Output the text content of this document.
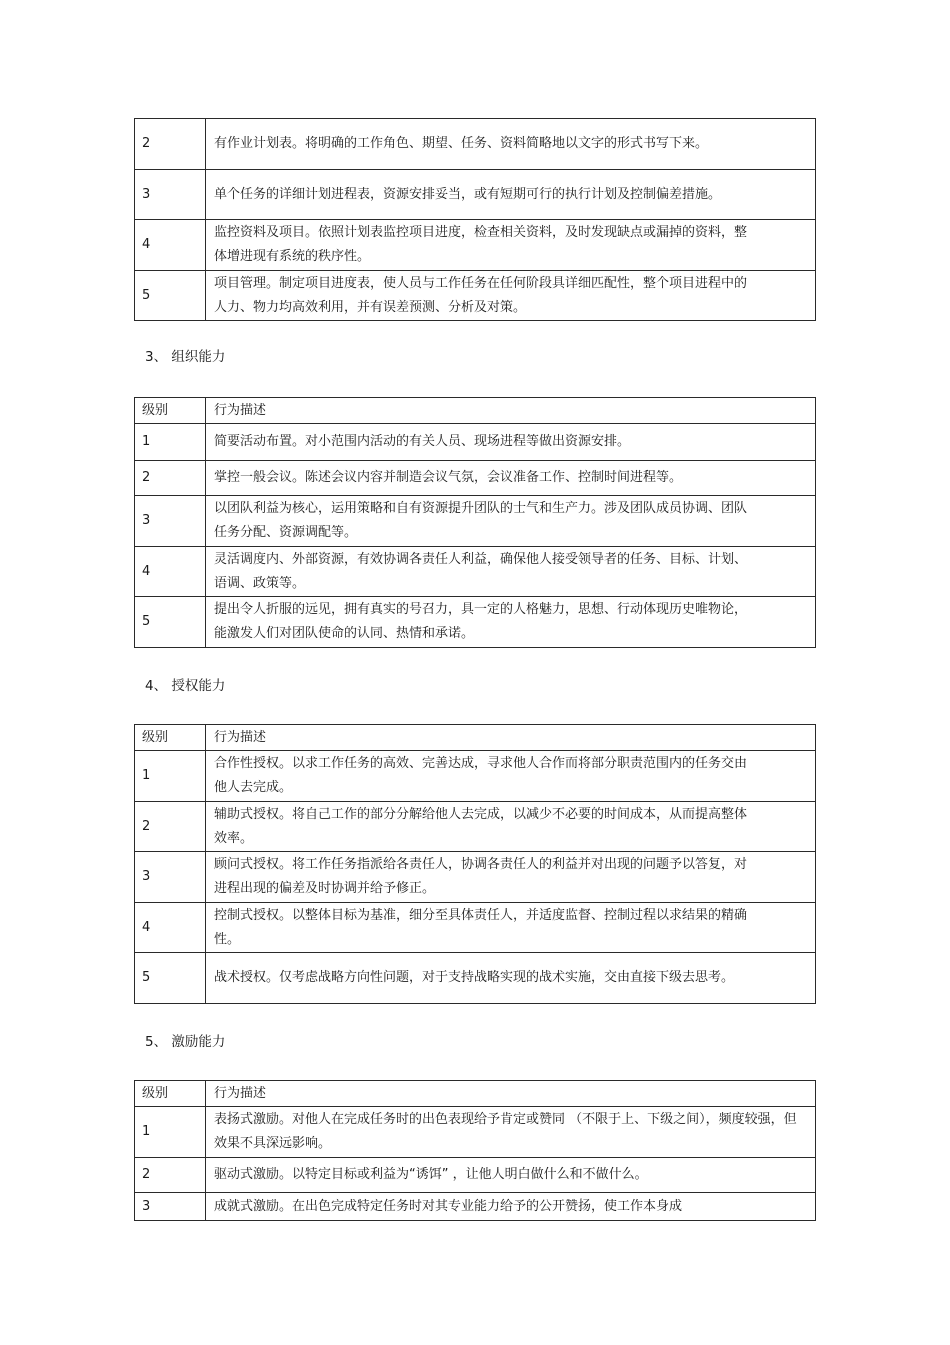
2	有作业计划表。将明确的工作角色、期望、任务、资料简略地以文字的形式书写下来。
3	单个任务的详细计划进程表，资源安排妥当，或有短期可行的执行计划及控制偏差措施。
4	监控资料及项目。依照计划表监控项目进度，检查相关资料，及时发现缺点或漏掉的资料，整体增进现有系统的秩序性。
5	项目管理。制定项目进度表，使人员与工作任务在任何阶段具详细匹配性，整个项目进程中的人力、物力均高效利用，并有误差预测、分析及对策。
3、 组织能力
级别	行为描述
1	简要活动布置。对小范围内活动的有关人员、现场进程等做出资源安排。
2	掌控一般会议。陈述会议内容并制造会议气氛，会议准备工作、控制时间进程等。
3	以团队利益为核心，运用策略和自有资源提升团队的士气和生产力。涉及团队成员协调、团队任务分配、资源调配等。
4	灵活调度内、外部资源，有效协调各责任人利益，确保他人接受领导者的任务、目标、计划、语调、政策等。
5	提出令人折服的远见，拥有真实的号召力，具一定的人格魅力，思想、行动体现历史唯物论，能激发人们对团队使命的认同、热情和承诺。
4、 授权能力
级别	行为描述
1	合作性授权。以求工作任务的高效、完善达成，寻求他人合作而将部分职责范围内的任务交由他人去完成。
2	辅助式授权。将自己工作的部分分解给他人去完成，以减少不必要的时间成本，从而提高整体效率。
3	顾问式授权。将工作任务指派给各责任人，协调各责任人的利益并对出现的问题予以答复，对进程出现的偏差及时协调并给予修正。
4	控制式授权。以整体目标为基准，细分至具体责任人，并适度监督、控制过程以求结果的精确性。
5	战术授权。仅考虑战略方向性问题，对于支持战略实现的战术实施，交由直接下级去思考。
5、 激励能力
级别	行为描述
1	表扬式激励。对他人在完成任务时的出色表现给予肯定或赞同 （不限于上、下级之间），频度较强，但效果不具深远影响。
2	驱动式激励。以特定目标或利益为“诱饵” ，让他人明白做什么和不做什么。
3	成就式激励。在出色完成特定任务时对其专业能力给予的公开赞扬，使工作本身成
